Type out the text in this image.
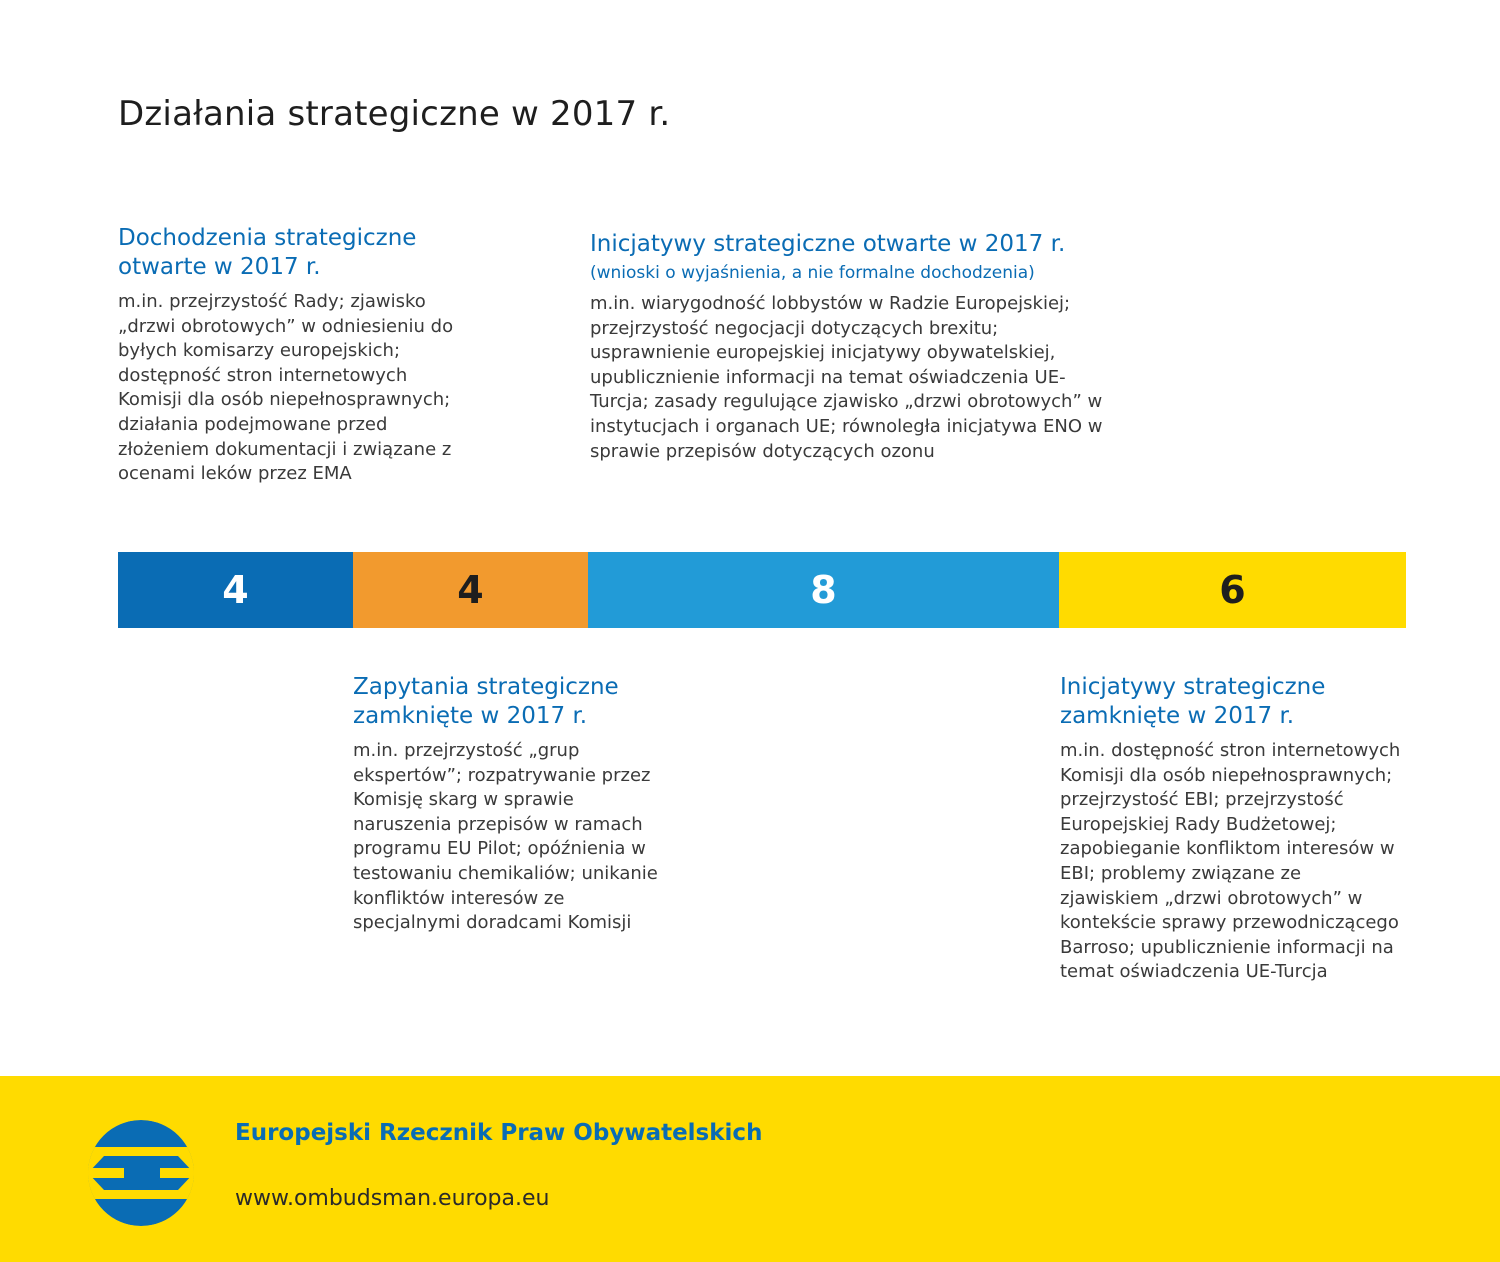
Działania strategiczne w 2017 r.
Dochodzenia strategiczne otwarte w 2017 r.
m.in. przejrzystość Rady; zjawisko „drzwi obrotowych” w odniesieniu do byłych komisarzy europejskich; dostępność stron internetowych Komisji dla osób niepełnosprawnych; działania podejmowane przed złożeniem dokumentacji i związane z ocenami leków przez EMA
Inicjatywy strategiczne otwarte w 2017 r.
(wnioski o wyjaśnienia, a nie formalne dochodzenia)
m.in. wiarygodność lobbystów w Radzie Europejskiej; przejrzystość negocjacji dotyczących brexitu; usprawnienie europejskiej inicjatywy obywatelskiej, upublicznienie informacji na temat oświadczenia UE-Turcja; zasady regulujące zjawisko „drzwi obrotowych” w instytucjach i organach UE; równoległa inicjatywa ENO w sprawie przepisów dotyczących ozonu
4	4	8	6
Zapytania strategiczne zamknięte w 2017 r.
m.in. przejrzystość „grup ekspertów”; rozpatrywanie przez Komisję skarg w sprawie naruszenia przepisów w ramach programu EU Pilot; opóźnienia w testowaniu chemikaliów; unikanie konfliktów interesów ze specjalnymi doradcami Komisji
Inicjatywy strategiczne zamknięte w 2017 r.
m.in. dostępność stron internetowych Komisji dla osób niepełnosprawnych; przejrzystość EBI; przejrzystość Europejskiej Rady Budżetowej; zapobieganie konfliktom interesów w EBI; problemy związane ze zjawiskiem „drzwi obrotowych” w kontekście sprawy przewodniczącego Barroso; upublicznienie informacji na temat oświadczenia UE-Turcja
Europejski Rzecznik Praw Obywatelskich
www.ombudsman.europa.eu
